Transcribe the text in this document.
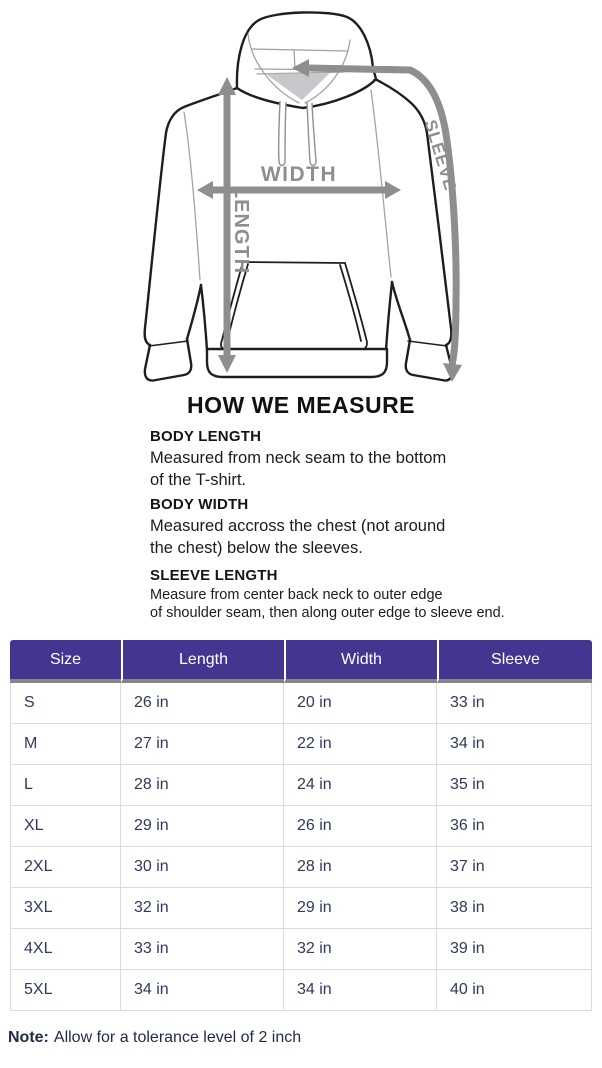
WIDTH
LENGTH
SLEEVE
HOW WE MEASURE
BODY LENGTH

Measured from neck seam to the bottom

of the T-shirt.

BODY WIDTH

Measured accross the chest (not around

the chest) below the sleeves.

SLEEVE LENGTH

Measure from center back neck to outer edge

of shoulder seam, then along outer edge to sleeve end.

Size	Length	Width	Sleeve
S	26 in	20 in	33 in
M	27 in	22 in	34 in
L	28 in	24 in	35 in
XL	29 in	26 in	36 in
2XL	30 in	28 in	37 in
3XL	32 in	29 in	38 in
4XL	33 in	32 in	39 in
5XL	34 in	34 in	40 in
Note: Allow for a tolerance level of 2 inch
